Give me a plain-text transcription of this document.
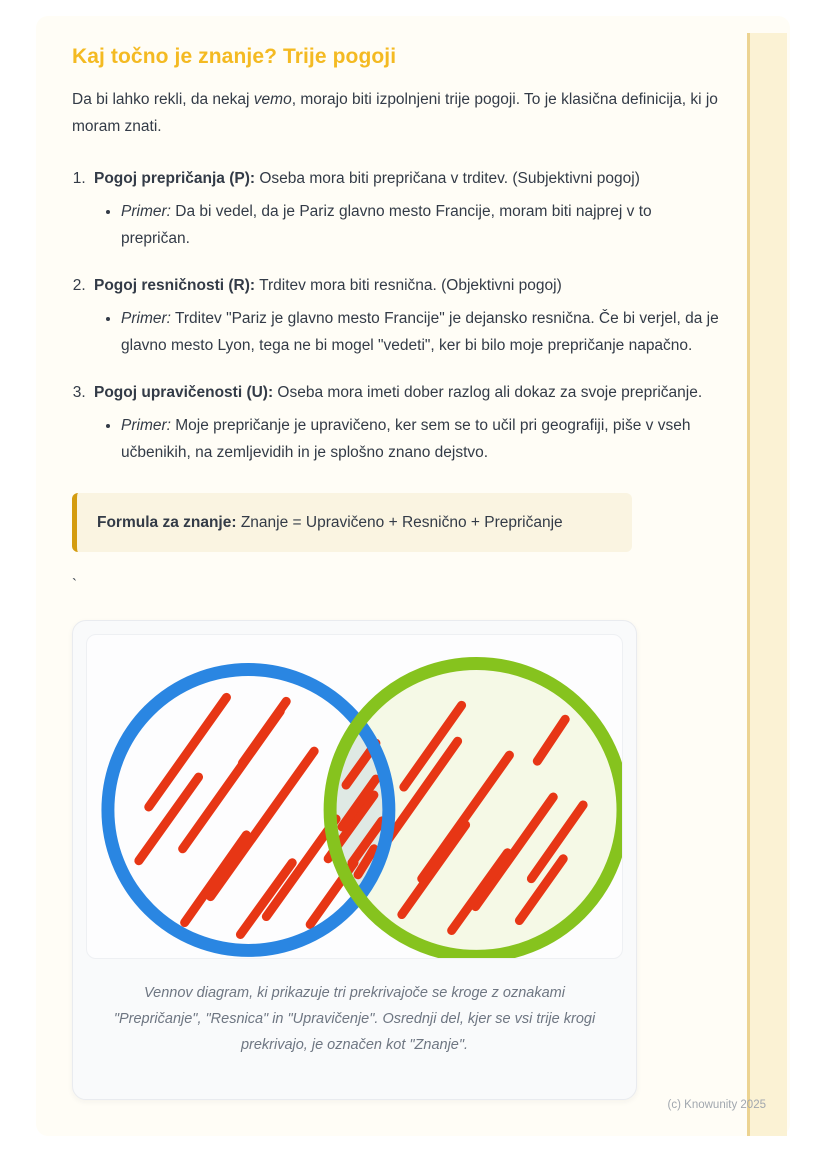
Kaj točno je znanje? Trije pogoji

Da bi lahko rekli, da nekaj vemo, morajo biti izpolnjeni trije pogoji. To je klasična definicija, ki jo moram znati.

1. Pogoj prepričanja (P): Oseba mora biti prepričana v trditev. (Subjektivni pogoj)
• Primer: Da bi vedel, da je Pariz glavno mesto Francije, moram biti najprej v to prepričan.
2. Pogoj resničnosti (R): Trditev mora biti resnična. (Objektivni pogoj)
• Primer: Trditev "Pariz je glavno mesto Francije" je dejansko resnična. Če bi verjel, da je glavno mesto Lyon, tega ne bi mogel "vedeti", ker bi bilo moje prepričanje napačno.
3. Pogoj upravičenosti (U): Oseba mora imeti dober razlog ali dokaz za svoje prepričanje.
• Primer: Moje prepričanje je upravičeno, ker sem se to učil pri geografiji, piše v vseh učbenikih, na zemljevidih in je splošno znano dejstvo.
Formula za znanje: Znanje = Upravičeno + Resnično + Prepričanje
`
Vennov diagram, ki prikazuje tri prekrivajoče se kroge z oznakami "Prepričanje", "Resnica" in "Upravičenje". Osrednji del, kjer se vsi trije krogi prekrivajo, je označen kot "Znanje".
(c) Knowunity 2025
